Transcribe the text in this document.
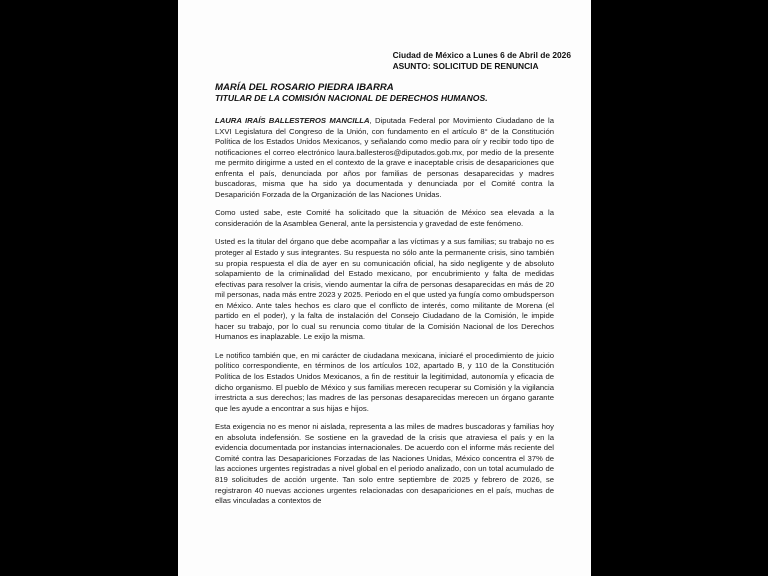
Ciudad de México a Lunes 6 de Abril de 2026
ASUNTO: SOLICITUD DE RENUNCIA
MARÍA DEL ROSARIO PIEDRA IBARRA
TITULAR DE LA COMISIÓN NACIONAL DE DERECHOS HUMANOS.

LAURA IRAÍS BALLESTEROS MANCILLA, Diputada Federal por Movimiento Ciudadano de la LXVI Legislatura del Congreso de la Unión, con fundamento en el artículo 8° de la Constitución Política de los Estados Unidos Mexicanos, y señalando como medio para oír y recibir todo tipo de notificaciones el correo electrónico laura.ballesteros@diputados.gob.mx, por medio de la presente me permito dirigirme a usted en el contexto de la grave e inaceptable crisis de desapariciones que enfrenta el país, denunciada por años por familias de personas desaparecidas y madres buscadoras, misma que ha sido ya documentada y denunciada por el Comité contra la Desaparición Forzada de la Organización de las Naciones Unidas.

Como usted sabe, este Comité ha solicitado que la situación de México sea elevada a la consideración de la Asamblea General, ante la persistencia y gravedad de este fenómeno.

Usted es la titular del órgano que debe acompañar a las víctimas y a sus familias; su trabajo no es proteger al Estado y sus integrantes. Su respuesta no sólo ante la permanente crisis, sino también su propia respuesta el día de ayer en su comunicación oficial, ha sido negligente y de absoluto solapamiento de la criminalidad del Estado mexicano, por encubrimiento y falta de medidas efectivas para resolver la crisis, viendo aumentar la cifra de personas desaparecidas en más de 20 mil personas, nada más entre 2023 y 2025. Periodo en el que usted ya fungía como ombudsperson en México. Ante tales hechos es claro que el conflicto de interés, como militante de Morena (el partido en el poder), y la falta de instalación del Consejo Ciudadano de la Comisión, le impide hacer su trabajo, por lo cual su renuncia como titular de la Comisión Nacional de los Derechos Humanos es inaplazable. Le exijo la misma.

Le notifico también que, en mi carácter de ciudadana mexicana, iniciaré el procedimiento de juicio político correspondiente, en términos de los artículos 102, apartado B, y 110 de la Constitución Política de los Estados Unidos Mexicanos, a fin de restituir la legitimidad, autonomía y eficacia de dicho organismo. El pueblo de México y sus familias merecen recuperar su Comisión y la vigilancia irrestricta a sus derechos; las madres de las personas desaparecidas merecen un órgano garante que les ayude a encontrar a sus hijas e hijos.

Esta exigencia no es menor ni aislada, representa a las miles de madres buscadoras y familias hoy en absoluta indefensión. Se sostiene en la gravedad de la crisis que atraviesa el país y en la evidencia documentada por instancias internacionales. De acuerdo con el informe más reciente del Comité contra las Desapariciones Forzadas de las Naciones Unidas, México concentra el 37% de las acciones urgentes registradas a nivel global en el periodo analizado, con un total acumulado de 819 solicitudes de acción urgente. Tan solo entre septiembre de 2025 y febrero de 2026, se registraron 40 nuevas acciones urgentes relacionadas con desapariciones en el país, muchas de ellas vinculadas a contextos de
